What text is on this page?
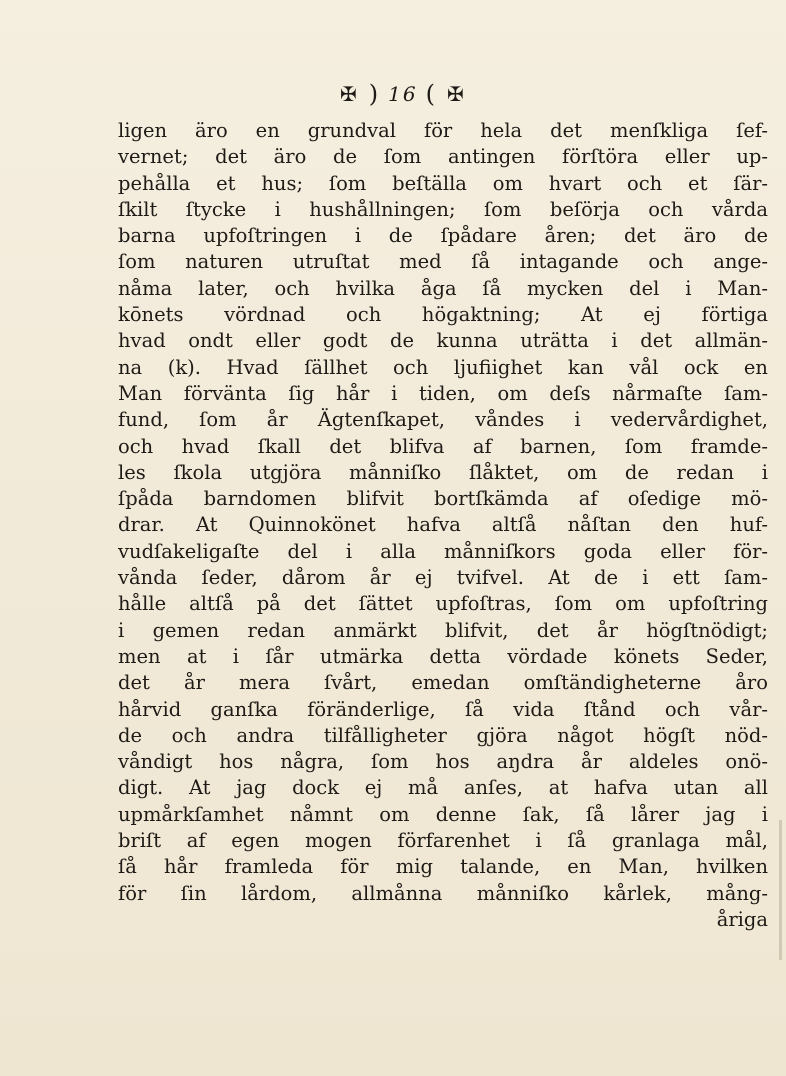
✠ ) 16 ( ✠
ligen äro en grundval för hela det menſkliga ſef-
vernet; det äro de ſom antingen förſtöra eller up-
pehålla et hus; ſom beſtälla om hvart och et ſär-
ſkilt ſtycke i hushållningen; ſom beſörja och vårda
barna upfoſtringen i de ſpådare åren; det äro de
ſom naturen utruſtat med ſå intagande och ange-
nåma later, och hvilka åga ſå mycken del i Man-
kōnets vördnad och högaktning; At ej förtiga
hvad ondt eller godt de kunna uträtta i det allmän-
na (k). Hvad ſällhet och ljufiighet kan vål ock en
Man förvänta ſig hår i tiden, om deſs nårmaſte ſam-
fund, ſom år Ägtenſkapet, våndes i vedervårdighet,
och hvad ſkall det blifva af barnen, ſom framde-
les ſkola utgjöra månniſko ſlåktet, om de redan i
ſpåda barndomen blifvit bortſkämda af oſedige mö-
drar. At Quinnokönet hafva altſå nåſtan den huf-
vudſakeligaſte del i alla månniſkors goda eller för-
vånda ſeder, dårom år ej tvifvel. At de i ett ſam-
hålle altſå på det ſättet upfoſtras, ſom om upfoſtring
i gemen redan anmärkt blifvit, det år högſtnödigt;
men at i ſår utmärka detta vördade könets Seder,
det år mera ſvårt, emedan omſtändigheterne åro
hårvid ganſka föränderlige, ſå vida ſtånd och vår-
de och andra tilfålligheter gjöra något högſt nöd-
våndigt hos några, ſom hos aŋdra år aldeles onö-
digt. At jag dock ej må anſes, at hafva utan all
upmårkſamhet nåmnt om denne ſak, ſå lårer jag i
briſt af egen mogen förfarenhet i ſå granlaga mål,
ſå hår framleda för mig talande, en Man, hvilken
för ſin lårdom, allmånna månniſko kårlek, mång-
åriga
